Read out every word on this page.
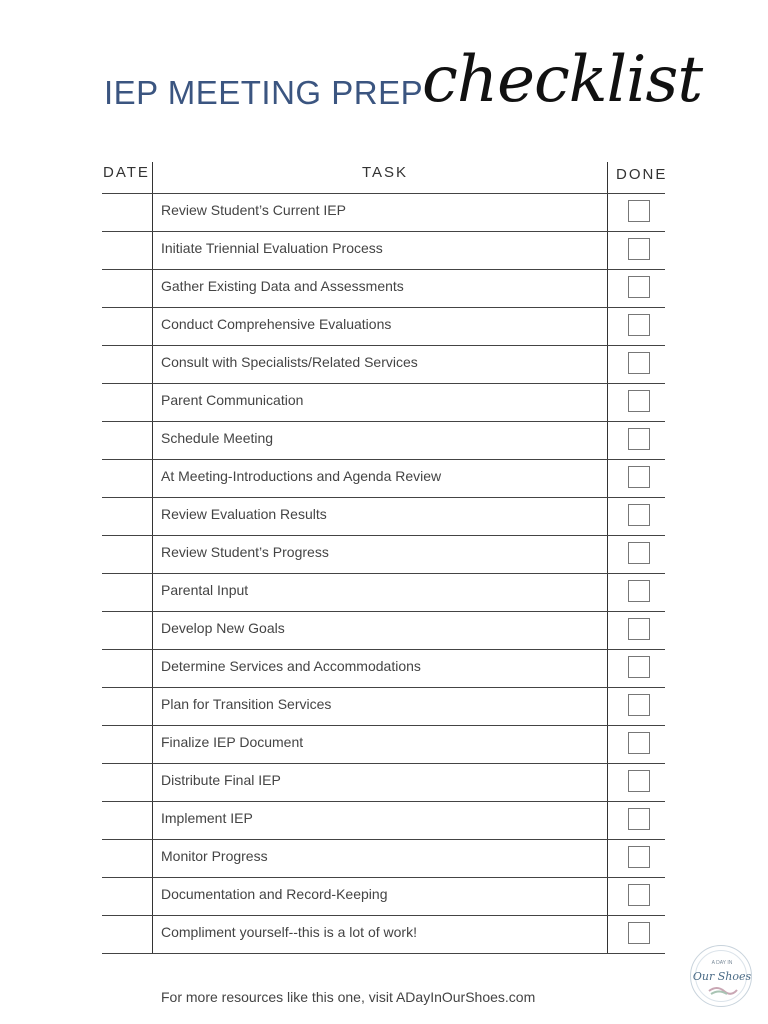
IEP MEETING PREP
checklist
DATE	TASK	DONE
Review Student’s Current IEP
Initiate Triennial Evaluation Process
Gather Existing Data and Assessments
Conduct Comprehensive Evaluations
Consult with Specialists/Related Services
Parent Communication
Schedule Meeting
At Meeting-Introductions and Agenda Review
Review Evaluation Results
Review Student’s Progress
Parental Input
Develop New Goals
Determine Services and Accommodations
Plan for Transition Services
Finalize IEP Document
Distribute Final IEP
Implement IEP
Monitor Progress
Documentation and Record-Keeping
Compliment yourself--this is a lot of work!
For more resources like this one, visit ADayInOurShoes.com
A DAY IN
Our Shoes
